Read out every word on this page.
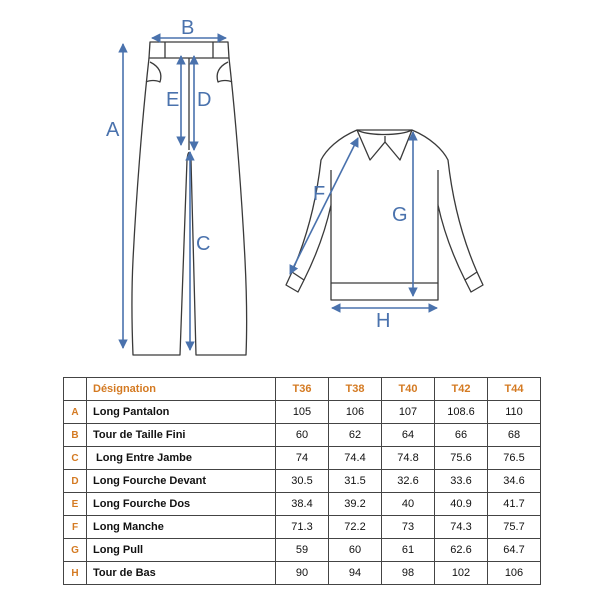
A
B
C
D
E
F
G
H
	Désignation	T36	T38	T40	T42	T44
A	Long Pantalon	105	106	107	108.6	110
B	Tour de Taille Fini	60	62	64	66	68
C	Long Entre Jambe	74	74.4	74.8	75.6	76.5
D	Long Fourche Devant	30.5	31.5	32.6	33.6	34.6
E	Long Fourche Dos	38.4	39.2	40	40.9	41.7
F	Long Manche	71.3	72.2	73	74.3	75.7
G	Long Pull	59	60	61	62.6	64.7
H	Tour de Bas	90	94	98	102	106
